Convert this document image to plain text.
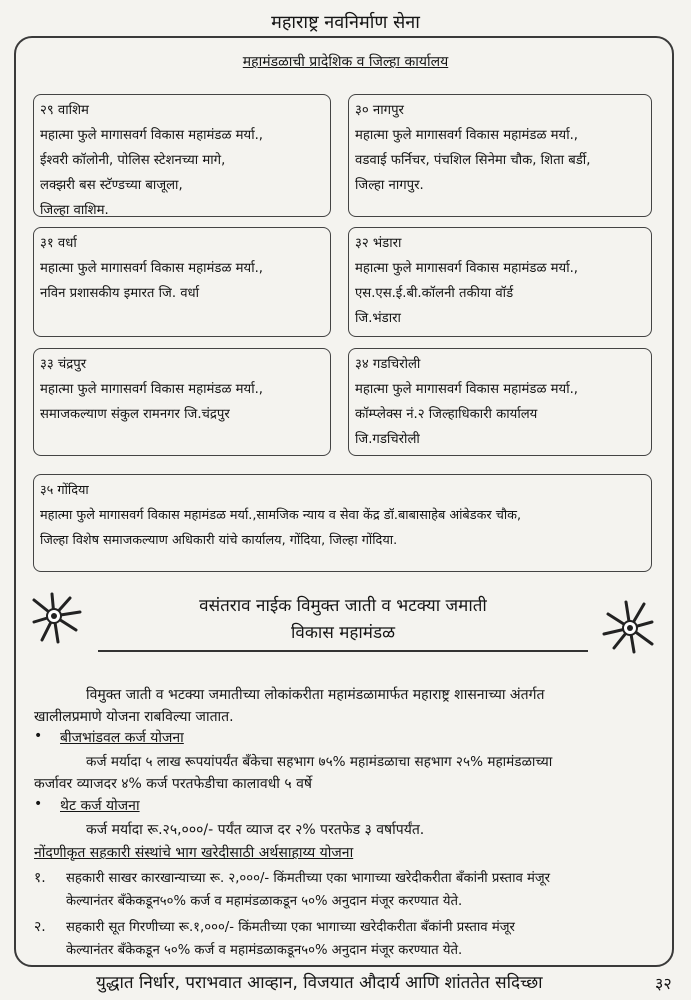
महाराष्ट्र नवनिर्माण सेना
महामंडळाची प्रादेशिक व जिल्हा कार्यालय
२९ वाशिम
महात्मा फुले मागासवर्ग विकास महामंडळ मर्या.,
ईश्वरी कॉलोनी, पोलिस स्टेशनच्या मागे,
लक्झरी बस स्टॅण्डच्या बाजूला,
जिल्हा वाशिम.
३० नागपुर
महात्मा फुले मागासवर्ग विकास महामंडळ मर्या.,
वडवाई फर्निचर, पंचशिल सिनेमा चौक, शिता बर्डी,
जिल्हा नागपुर.
३१ वर्धा
महात्मा फुले मागासवर्ग विकास महामंडळ मर्या.,
नविन प्रशासकीय इमारत जि. वर्धा
३२ भंडारा
महात्मा फुले मागासवर्ग विकास महामंडळ मर्या.,
एस.एस.ई.बी.कॉलनी तकीया वॉर्ड
जि.भंडारा
३३ चंद्रपुर
महात्मा फुले मागासवर्ग विकास महामंडळ मर्या.,
समाजकल्याण संकुल रामनगर जि.चंद्रपुर
३४ गडचिरोली
महात्मा फुले मागासवर्ग विकास महामंडळ मर्या.,
कॉम्प्लेक्स नं.२ जिल्हाधिकारी कार्यालय
जि.गडचिरोली
३५ गोंदिया
महात्मा फुले मागासवर्ग विकास महामंडळ मर्या.,सामजिक न्याय व सेवा केंद्र डॉ.बाबासाहेब आंबेडकर चौक,
जिल्हा विशेष समाजकल्याण अधिकारी यांचे कार्यालय, गोंदिया, जिल्हा गोंदिया.
वसंतराव नाईक विमुक्त जाती व भटक्या जमाती
विकास महामंडळ
विमुक्त जाती व भटक्या जमातीच्या लोकांकरीता महामंडळामार्फत महाराष्ट्र शासनाच्या अंतर्गत
खालीलप्रमाणे योजना राबविल्या जातात.
• बीजभांडवल कर्ज योजना
कर्ज मर्यादा ५ लाख रूपयांपर्यंत बँकेचा सहभाग ७५% महामंडळाचा सहभाग २५% महामंडळाच्या
कर्जावर व्याजदर ४% कर्ज परतफेडीचा कालावधी ५ वर्षे
• थेट कर्ज योजना
कर्ज मर्यादा रू.२५,०००/- पर्यंत व्याज दर २% परतफेड ३ वर्षापर्यंत.
नोंदणीकृत सहकारी संस्थांचे भाग खरेदीसाठी अर्थसाहाय्य योजना
१. सहकारी साखर कारखान्याच्या रू. २,०००/- किंमतीच्या एका भागाच्या खरेदीकरीता बँकांनी प्रस्ताव मंजूर
केल्यानंतर बँकेकडून५०% कर्ज व महामंडळाकडून ५०% अनुदान मंजूर करण्यात येते.
२. सहकारी सूत गिरणीच्या रू.१,०००/- किंमतीच्या एका भागाच्या खरेदीकरीता बँकांनी प्रस्ताव मंजूर
केल्यानंतर बँकेकडून ५०% कर्ज व महामंडळाकडून५०% अनुदान मंजूर करण्यात येते.
युद्धात निर्धार, पराभवात आव्हान, विजयात औदार्य आणि शांततेत सदिच्छा	३२
